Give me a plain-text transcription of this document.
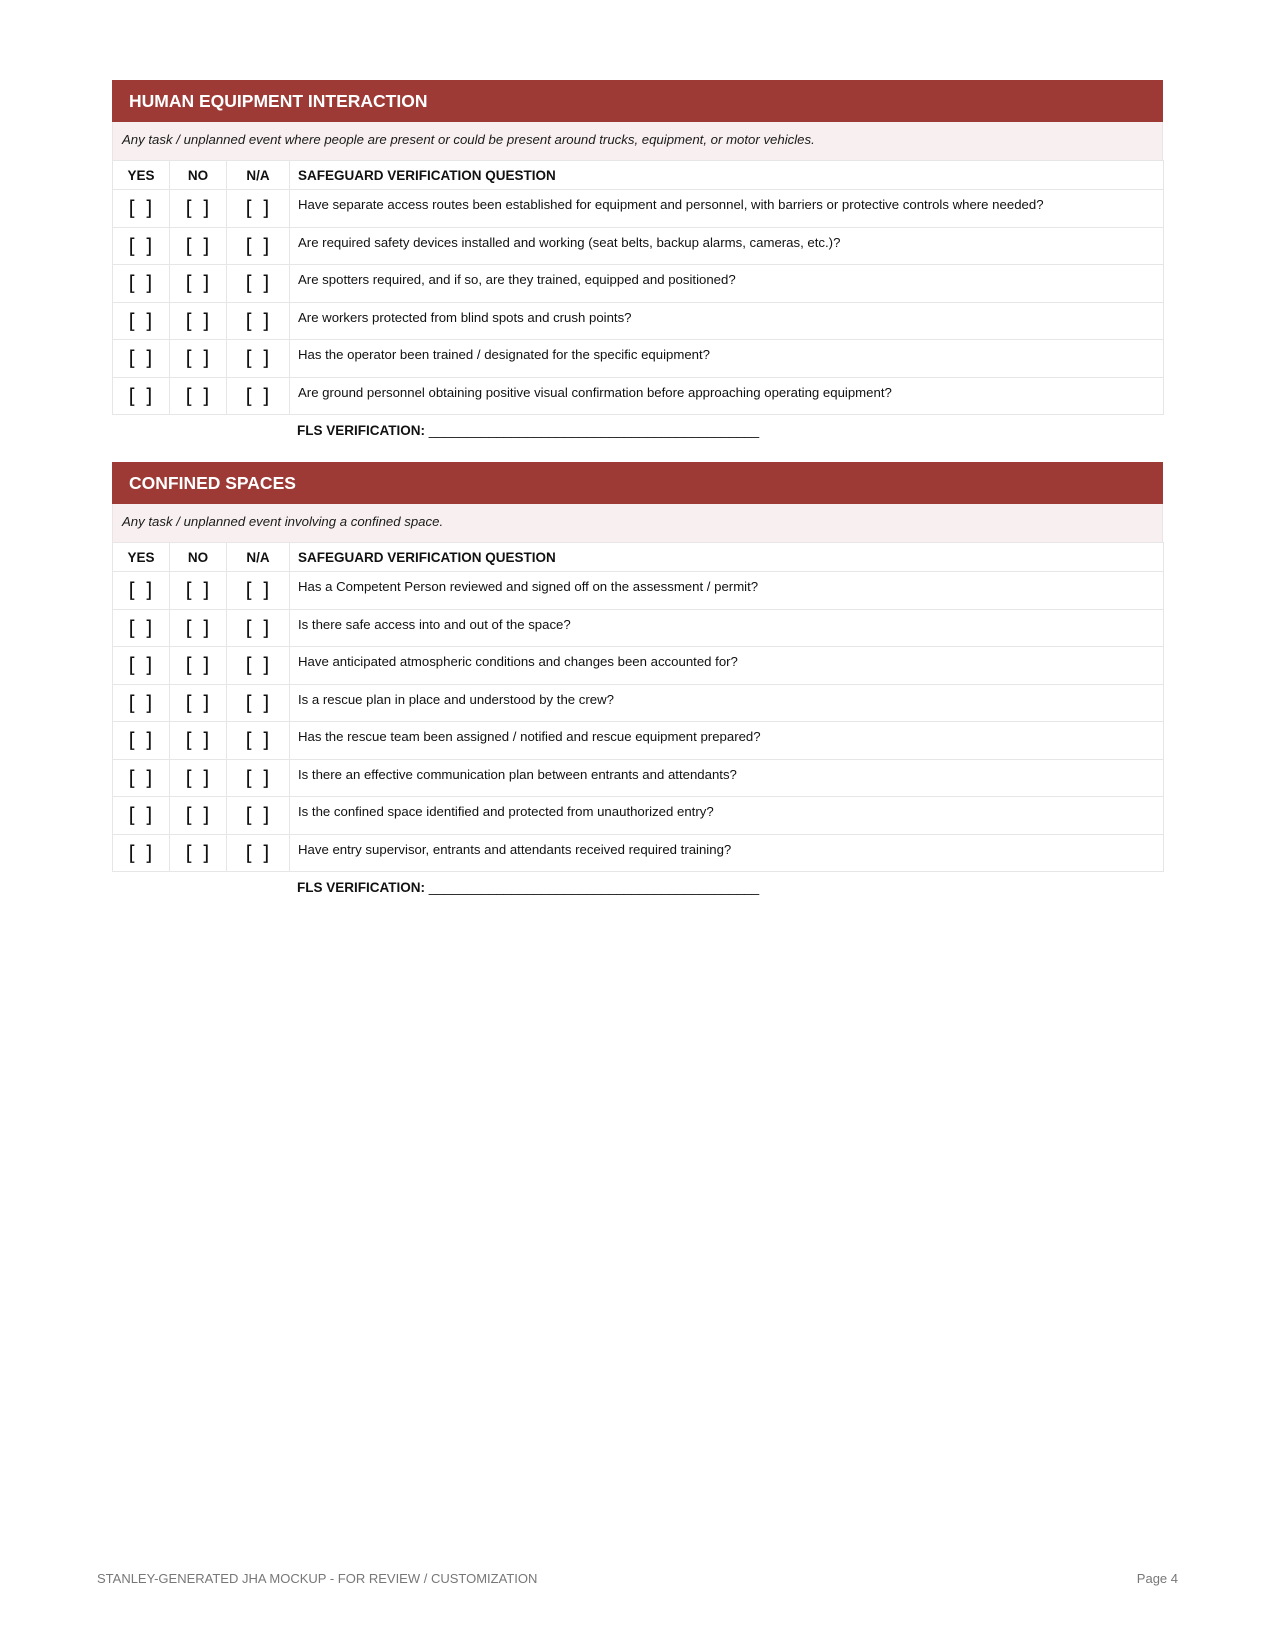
HUMAN EQUIPMENT INTERACTION
Any task / unplanned event where people are present or could be present around trucks, equipment, or motor vehicles.
YES	NO	N/A	SAFEGUARD VERIFICATION QUESTION
[ ]	[ ]	[ ]	Have separate access routes been established for equipment and personnel, with barriers or protective controls where needed?
[ ]	[ ]	[ ]	Are required safety devices installed and working (seat belts, backup alarms, cameras, etc.)?
[ ]	[ ]	[ ]	Are spotters required, and if so, are they trained, equipped and positioned?
[ ]	[ ]	[ ]	Are workers protected from blind spots and crush points?
[ ]	[ ]	[ ]	Has the operator been trained / designated for the specific equipment?
[ ]	[ ]	[ ]	Are ground personnel obtaining positive visual confirmation before approaching operating equipment?
FLS VERIFICATION: ____________________________________________
CONFINED SPACES
Any task / unplanned event involving a confined space.
YES	NO	N/A	SAFEGUARD VERIFICATION QUESTION
[ ]	[ ]	[ ]	Has a Competent Person reviewed and signed off on the assessment / permit?
[ ]	[ ]	[ ]	Is there safe access into and out of the space?
[ ]	[ ]	[ ]	Have anticipated atmospheric conditions and changes been accounted for?
[ ]	[ ]	[ ]	Is a rescue plan in place and understood by the crew?
[ ]	[ ]	[ ]	Has the rescue team been assigned / notified and rescue equipment prepared?
[ ]	[ ]	[ ]	Is there an effective communication plan between entrants and attendants?
[ ]	[ ]	[ ]	Is the confined space identified and protected from unauthorized entry?
[ ]	[ ]	[ ]	Have entry supervisor, entrants and attendants received required training?
FLS VERIFICATION: ____________________________________________
STANLEY-GENERATED JHA MOCKUP - FOR REVIEW / CUSTOMIZATION	Page 4
